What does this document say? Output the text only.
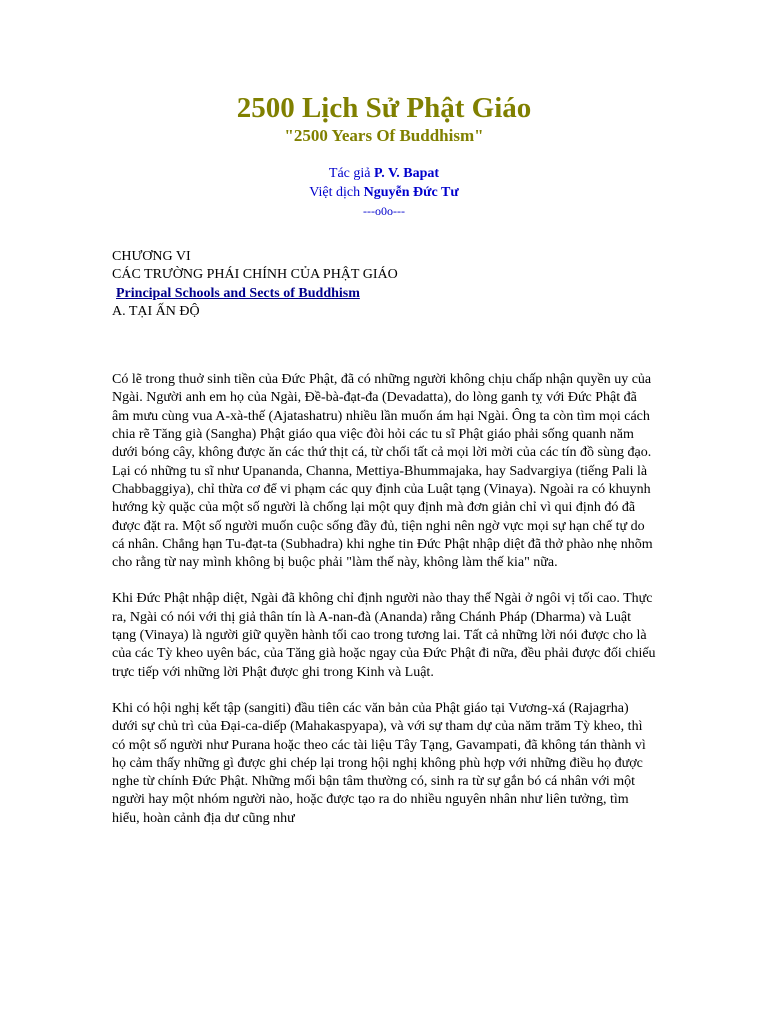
2500 Lịch Sử Phật Giáo

"2500 Years Of Buddhism"

Tác giả P. V. Bapat

Việt dịch Nguyễn Đức Tư

---o0o---

CHƯƠNG VI

CÁC TRƯỜNG PHÁI CHÍNH CỦA PHẬT GIÁO

Principal Schools and Sects of Buddhism

A. TẠI ẤN ĐỘ

Có lẽ trong thuở sinh tiền của Đức Phật, đã có những người không chịu chấp nhận quyền uy của Ngài. Người anh em họ của Ngài, Đề-bà-đạt-đa (Devadatta), do lòng ganh tỵ với Đức Phật đã âm mưu cùng vua A-xà-thế (Ajatashatru) nhiều lần muốn ám hại Ngài. Ông ta còn tìm mọi cách chia rẽ Tăng già (Sangha) Phật giáo qua việc đòi hỏi các tu sĩ Phật giáo phải sống quanh năm dưới bóng cây, không được ăn các thứ thịt cá, từ chối tất cả mọi lời mời của các tín đồ sùng đạo. Lại có những tu sĩ như Upananda, Channa, Mettiya-Bhummajaka, hay Sadvargiya (tiếng Pali là Chabbaggiya), chỉ thừa cơ để vi phạm các quy định của Luật tạng (Vinaya). Ngoài ra có khuynh hướng kỳ quặc của một số người là chống lại một quy định mà đơn giản chỉ vì qui định đó đã được đặt ra. Một số người muốn cuộc sống đầy đủ, tiện nghi nên ngờ vực mọi sự hạn chế tự do cá nhân. Chẳng hạn Tu-đạt-ta (Subhadra) khi nghe tin Đức Phật nhập diệt đã thở phào nhẹ nhõm cho rằng từ nay mình không bị buộc phải "làm thế này, không làm thế kia" nữa.

Khi Đức Phật nhập diệt, Ngài đã không chỉ định người nào thay thế Ngài ở ngôi vị tối cao. Thực ra, Ngài có nói với thị giả thân tín là A-nan-đà (Ananda) rằng Chánh Pháp (Dharma) và Luật tạng (Vinaya) là người giữ quyền hành tối cao trong tương lai. Tất cả những lời nói được cho là của các Tỳ kheo uyên bác, của Tăng già hoặc ngay của Đức Phật đi nữa, đều phải được đối chiếu trực tiếp với những lời Phật được ghi trong Kinh và Luật.

Khi có hội nghị kết tập (sangiti) đầu tiên các văn bản của Phật giáo tại Vương-xá (Rajagrha) dưới sự chủ trì của Đại-ca-diếp (Mahakaspyapa), và với sự tham dự của năm trăm Tỳ kheo, thì có một số người như Purana hoặc theo các tài liệu Tây Tạng, Gavampati, đã không tán thành vì họ cảm thấy những gì được ghi chép lại trong hội nghị không phù hợp với những điều họ được nghe từ chính Đức Phật. Những mối bận tâm thường có, sinh ra từ sự gắn bó cá nhân với một người hay một nhóm người nào, hoặc được tạo ra do nhiều nguyên nhân như liên tưởng, tìm hiểu, hoàn cảnh địa dư cũng như
